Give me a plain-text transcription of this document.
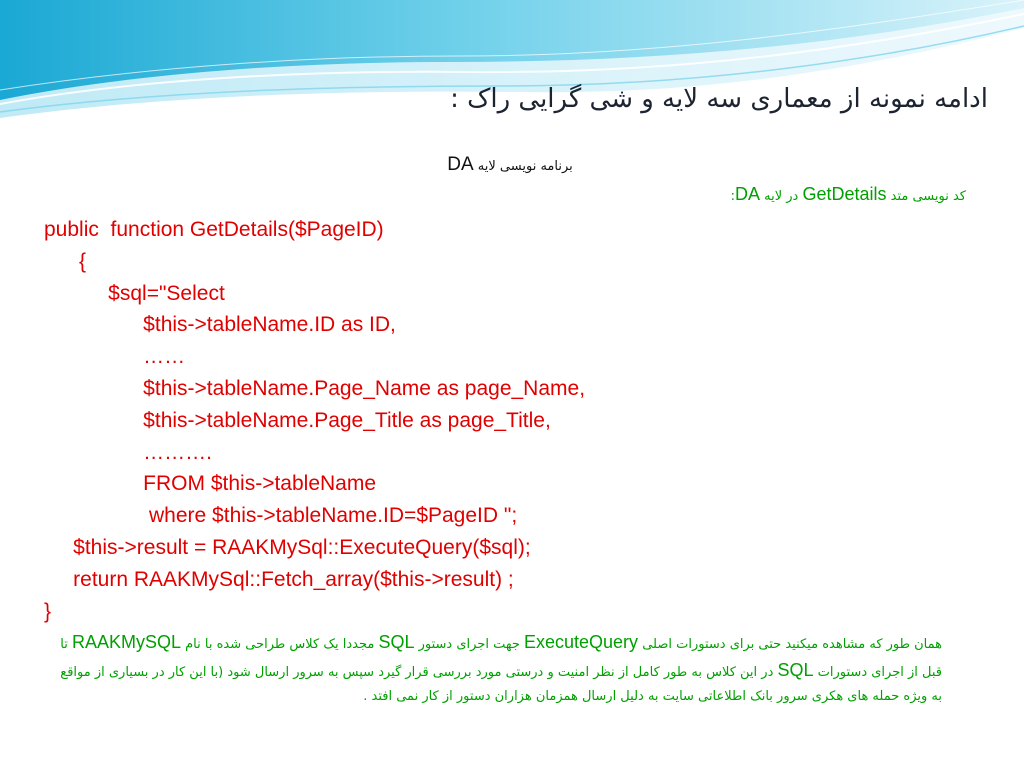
ادامه نمونه از معماری سه لایه و شی گرایی راک :
برنامه نویسی لایه DA
کد نویسی متد GetDetails در لایه DA:
public  function GetDetails($PageID)
{
$sql="Select
$this->tableName.ID as ID,
……
$this->tableName.Page_Name as page_Name,
$this->tableName.Page_Title as page_Title,
……….
FROM $this->tableName
where $this->tableName.ID=$PageID ";
$this->result = RAAKMySql::ExecuteQuery($sql);
return RAAKMySql::Fetch_array($this->result) ;
}
همان طور که مشاهده میکنید حتی برای دستورات اصلی ExecuteQuery جهت اجرای دستور SQL مجددا یک کلاس طراحی شده با نام RAAKMySQL تا قبل از اجرای دستورات SQL در این کلاس به طور کامل از نظر امنیت و درستی مورد بررسی قرار گیرد سپس به سرور ارسال شود (با این کار در بسیاری از مواقع به ویژه حمله های هکری سرور بانک اطلاعاتی سایت به دلیل ارسال همزمان هزاران دستور از کار نمی افتد .
